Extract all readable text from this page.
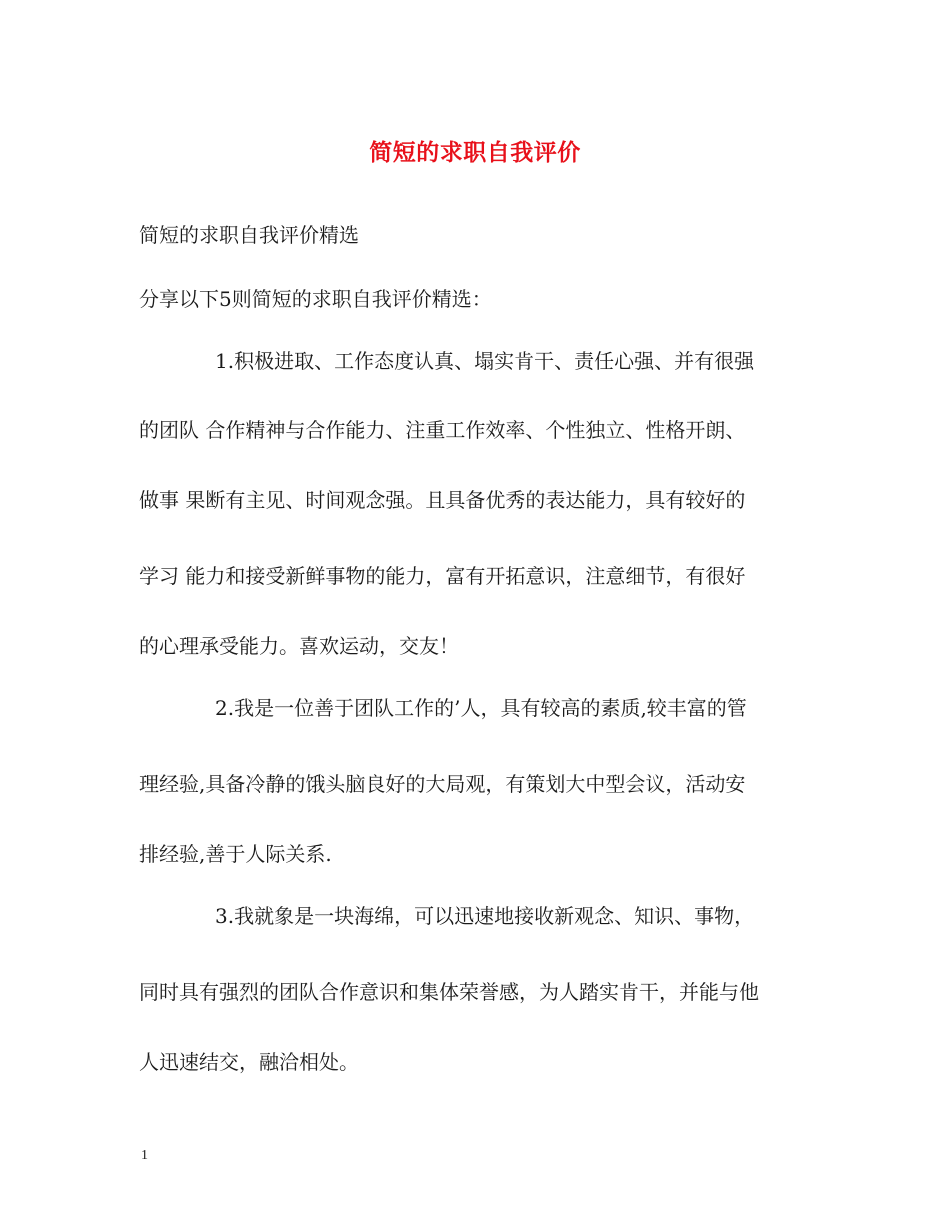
简短的求职自我评价
简短的求职自我评价精选
分享以下5则简短的求职自我评价精选：
1.积极进取、工作态度认真、塌实肯干、责任心强、并有很强
的团队 合作精神与合作能力、注重工作效率、个性独立、性格开朗、
做事 果断有主见、时间观念强。且具备优秀的表达能力，具有较好的
学习 能力和接受新鲜事物的能力，富有开拓意识，注意细节，有很好
的心理承受能力。喜欢运动，交友！
2.我是一位善于团队工作的’人，具有较高的素质,较丰富的管
理经验,具备冷静的饿头脑良好的大局观，有策划大中型会议，活动安
排经验,善于人际关系.
3.我就象是一块海绵，可以迅速地接收新观念、知识、事物，
同时具有强烈的团队合作意识和集体荣誉感，为人踏实肯干，并能与他
人迅速结交，融洽相处。
1
